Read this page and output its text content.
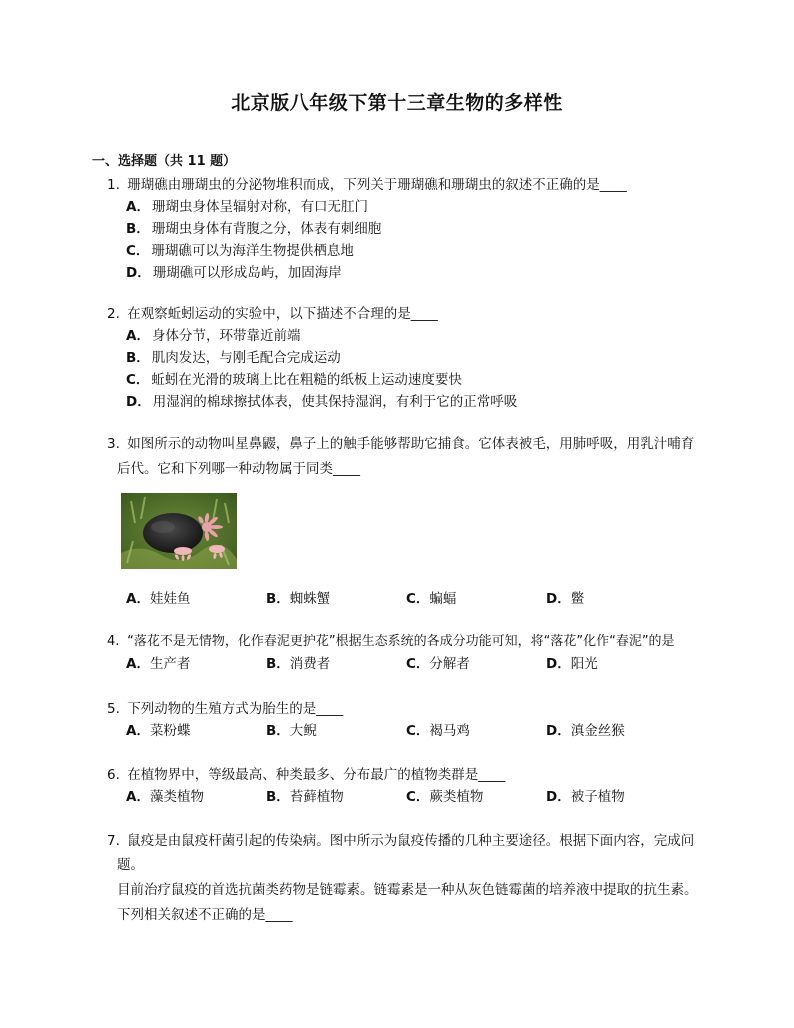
北京版八年级下第十三章生物的多样性
一、选择题（共 11 题）
1. 珊瑚礁由珊瑚虫的分泌物堆积而成，下列关于珊瑚礁和珊瑚虫的叙述不正确的是____
A． 珊瑚虫身体呈辐射对称，有口无肛门
B． 珊瑚虫身体有背腹之分，体表有刺细胞
C． 珊瑚礁可以为海洋生物提供栖息地
D． 珊瑚礁可以形成岛屿，加固海岸
2. 在观察蚯蚓运动的实验中，以下描述不合理的是____
A． 身体分节，环带靠近前端
B． 肌肉发达，与刚毛配合完成运动
C． 蚯蚓在光滑的玻璃上比在粗糙的纸板上运动速度要快
D． 用湿润的棉球擦拭体表，使其保持湿润，有利于它的正常呼吸
3. 如图所示的动物叫星鼻鼹，鼻子上的触手能够帮助它捕食。它体表被毛，用肺呼吸，用乳汁哺育
后代。它和下列哪一种动物属于同类____
A．娃娃鱼	B．蜘蛛蟹	C．蝙蝠	D．鳖
4. “落花不是无情物，化作春泥更护花”根据生态系统的各成分功能可知，将“落花”化作“春泥”的是
A．生产者	B．消费者	C．分解者	D．阳光
5. 下列动物的生殖方式为胎生的是____
A．菜粉蝶	B．大鲵	C．褐马鸡	D．滇金丝猴
6. 在植物界中，等级最高、种类最多、分布最广的植物类群是____
A．藻类植物	B．苔藓植物	C．蕨类植物	D．被子植物
7. 鼠疫是由鼠疫杆菌引起的传染病。图中所示为鼠疫传播的几种主要途径。根据下面内容，完成问
题。
目前治疗鼠疫的首选抗菌类药物是链霉素。链霉素是一种从灰色链霉菌的培养液中提取的抗生素。
下列相关叙述不正确的是____
